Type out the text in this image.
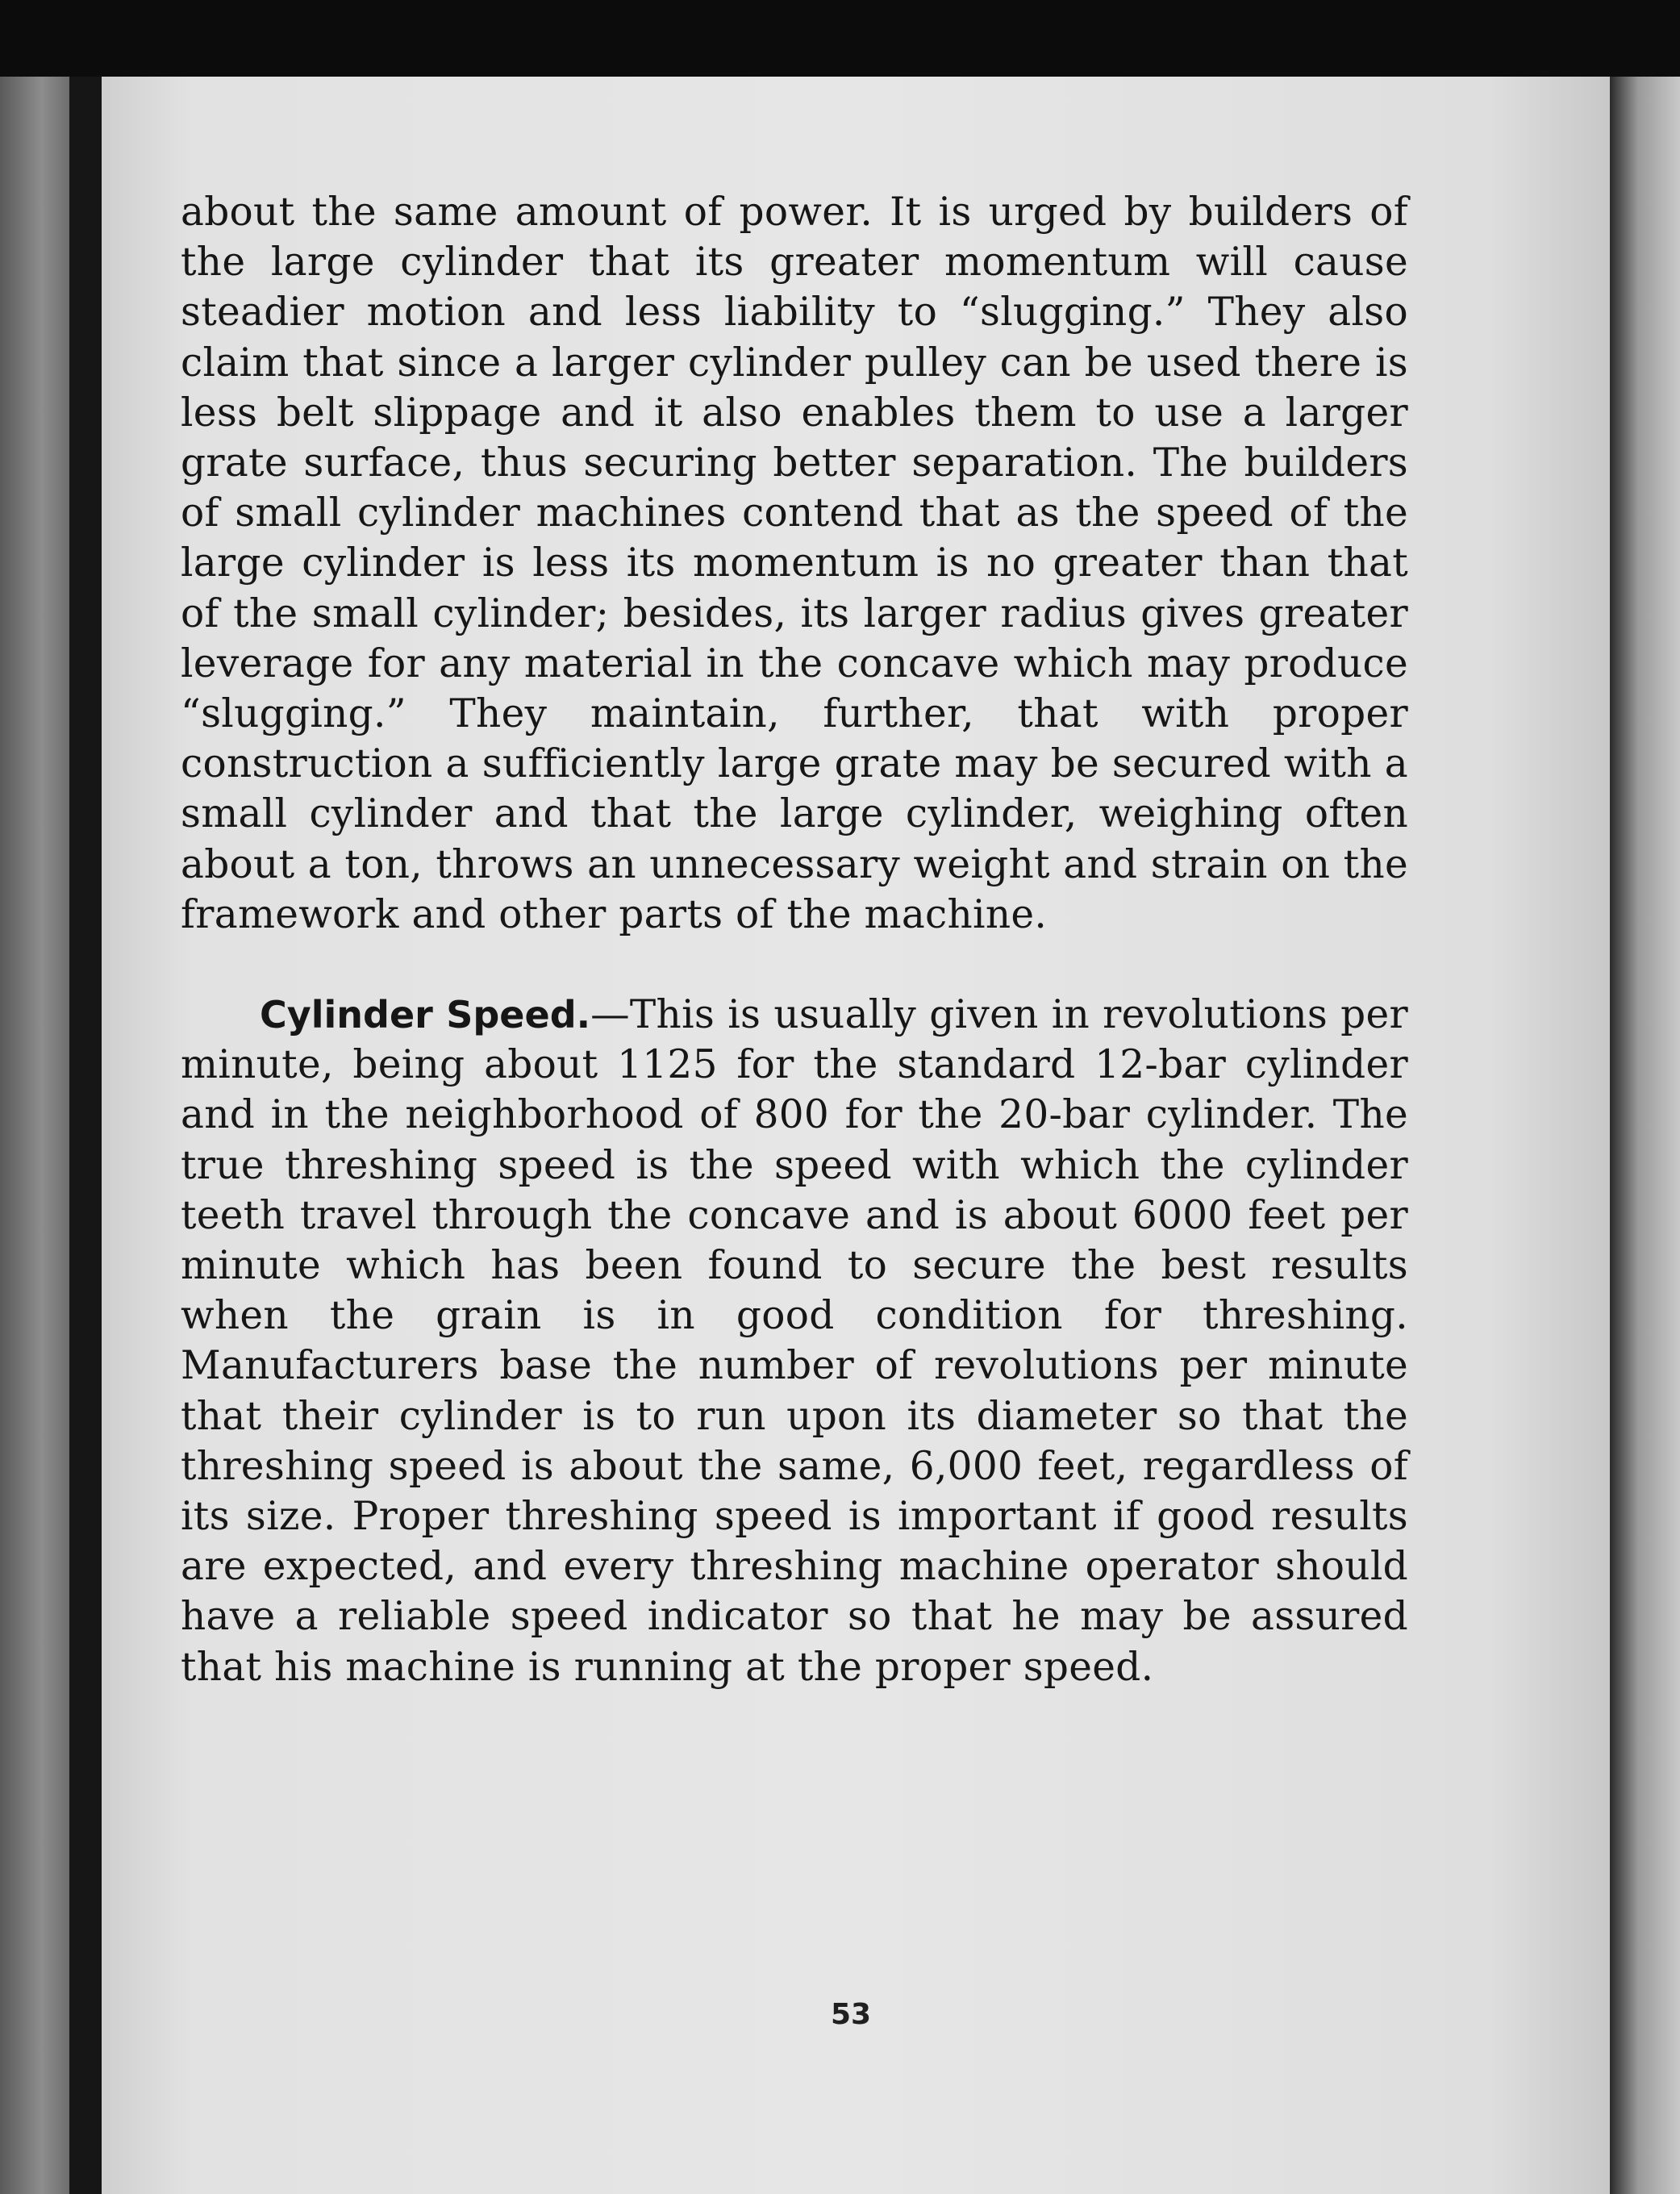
about the same amount of power. It is urged by builders of the large cylinder that its greater momentum will cause steadier motion and less liability to “slugging.” They also claim that since a larger cylinder pulley can be used there is less belt slippage and it also enables them to use a larger grate surface, thus securing better separation. The builders of small cylinder machines contend that as the speed of the large cylinder is less its momentum is no greater than that of the small cylinder; besides, its larger radius gives greater leverage for any material in the concave which may produce “slugging.” They maintain, further, that with proper construction a sufficiently large grate may be secured with a small cylinder and that the large cylinder, weighing often about a ton, throws an unnecessary weight and strain on the framework and other parts of the machine.

Cylinder Speed.—This is usually given in revolutions per minute, being about 1125 for the standard 12-bar cylinder and in the neighborhood of 800 for the 20-bar cylinder. The true threshing speed is the speed with which the cylinder teeth travel through the concave and is about 6000 feet per minute which has been found to secure the best results when the grain is in good condition for threshing. Manufacturers base the number of revolutions per minute that their cylinder is to run upon its diameter so that the threshing speed is about the same, 6,000 feet, regardless of its size. Proper threshing speed is important if good results are expected, and every threshing machine operator should have a reliable speed indicator so that he may be assured that his machine is running at the proper speed.

53
